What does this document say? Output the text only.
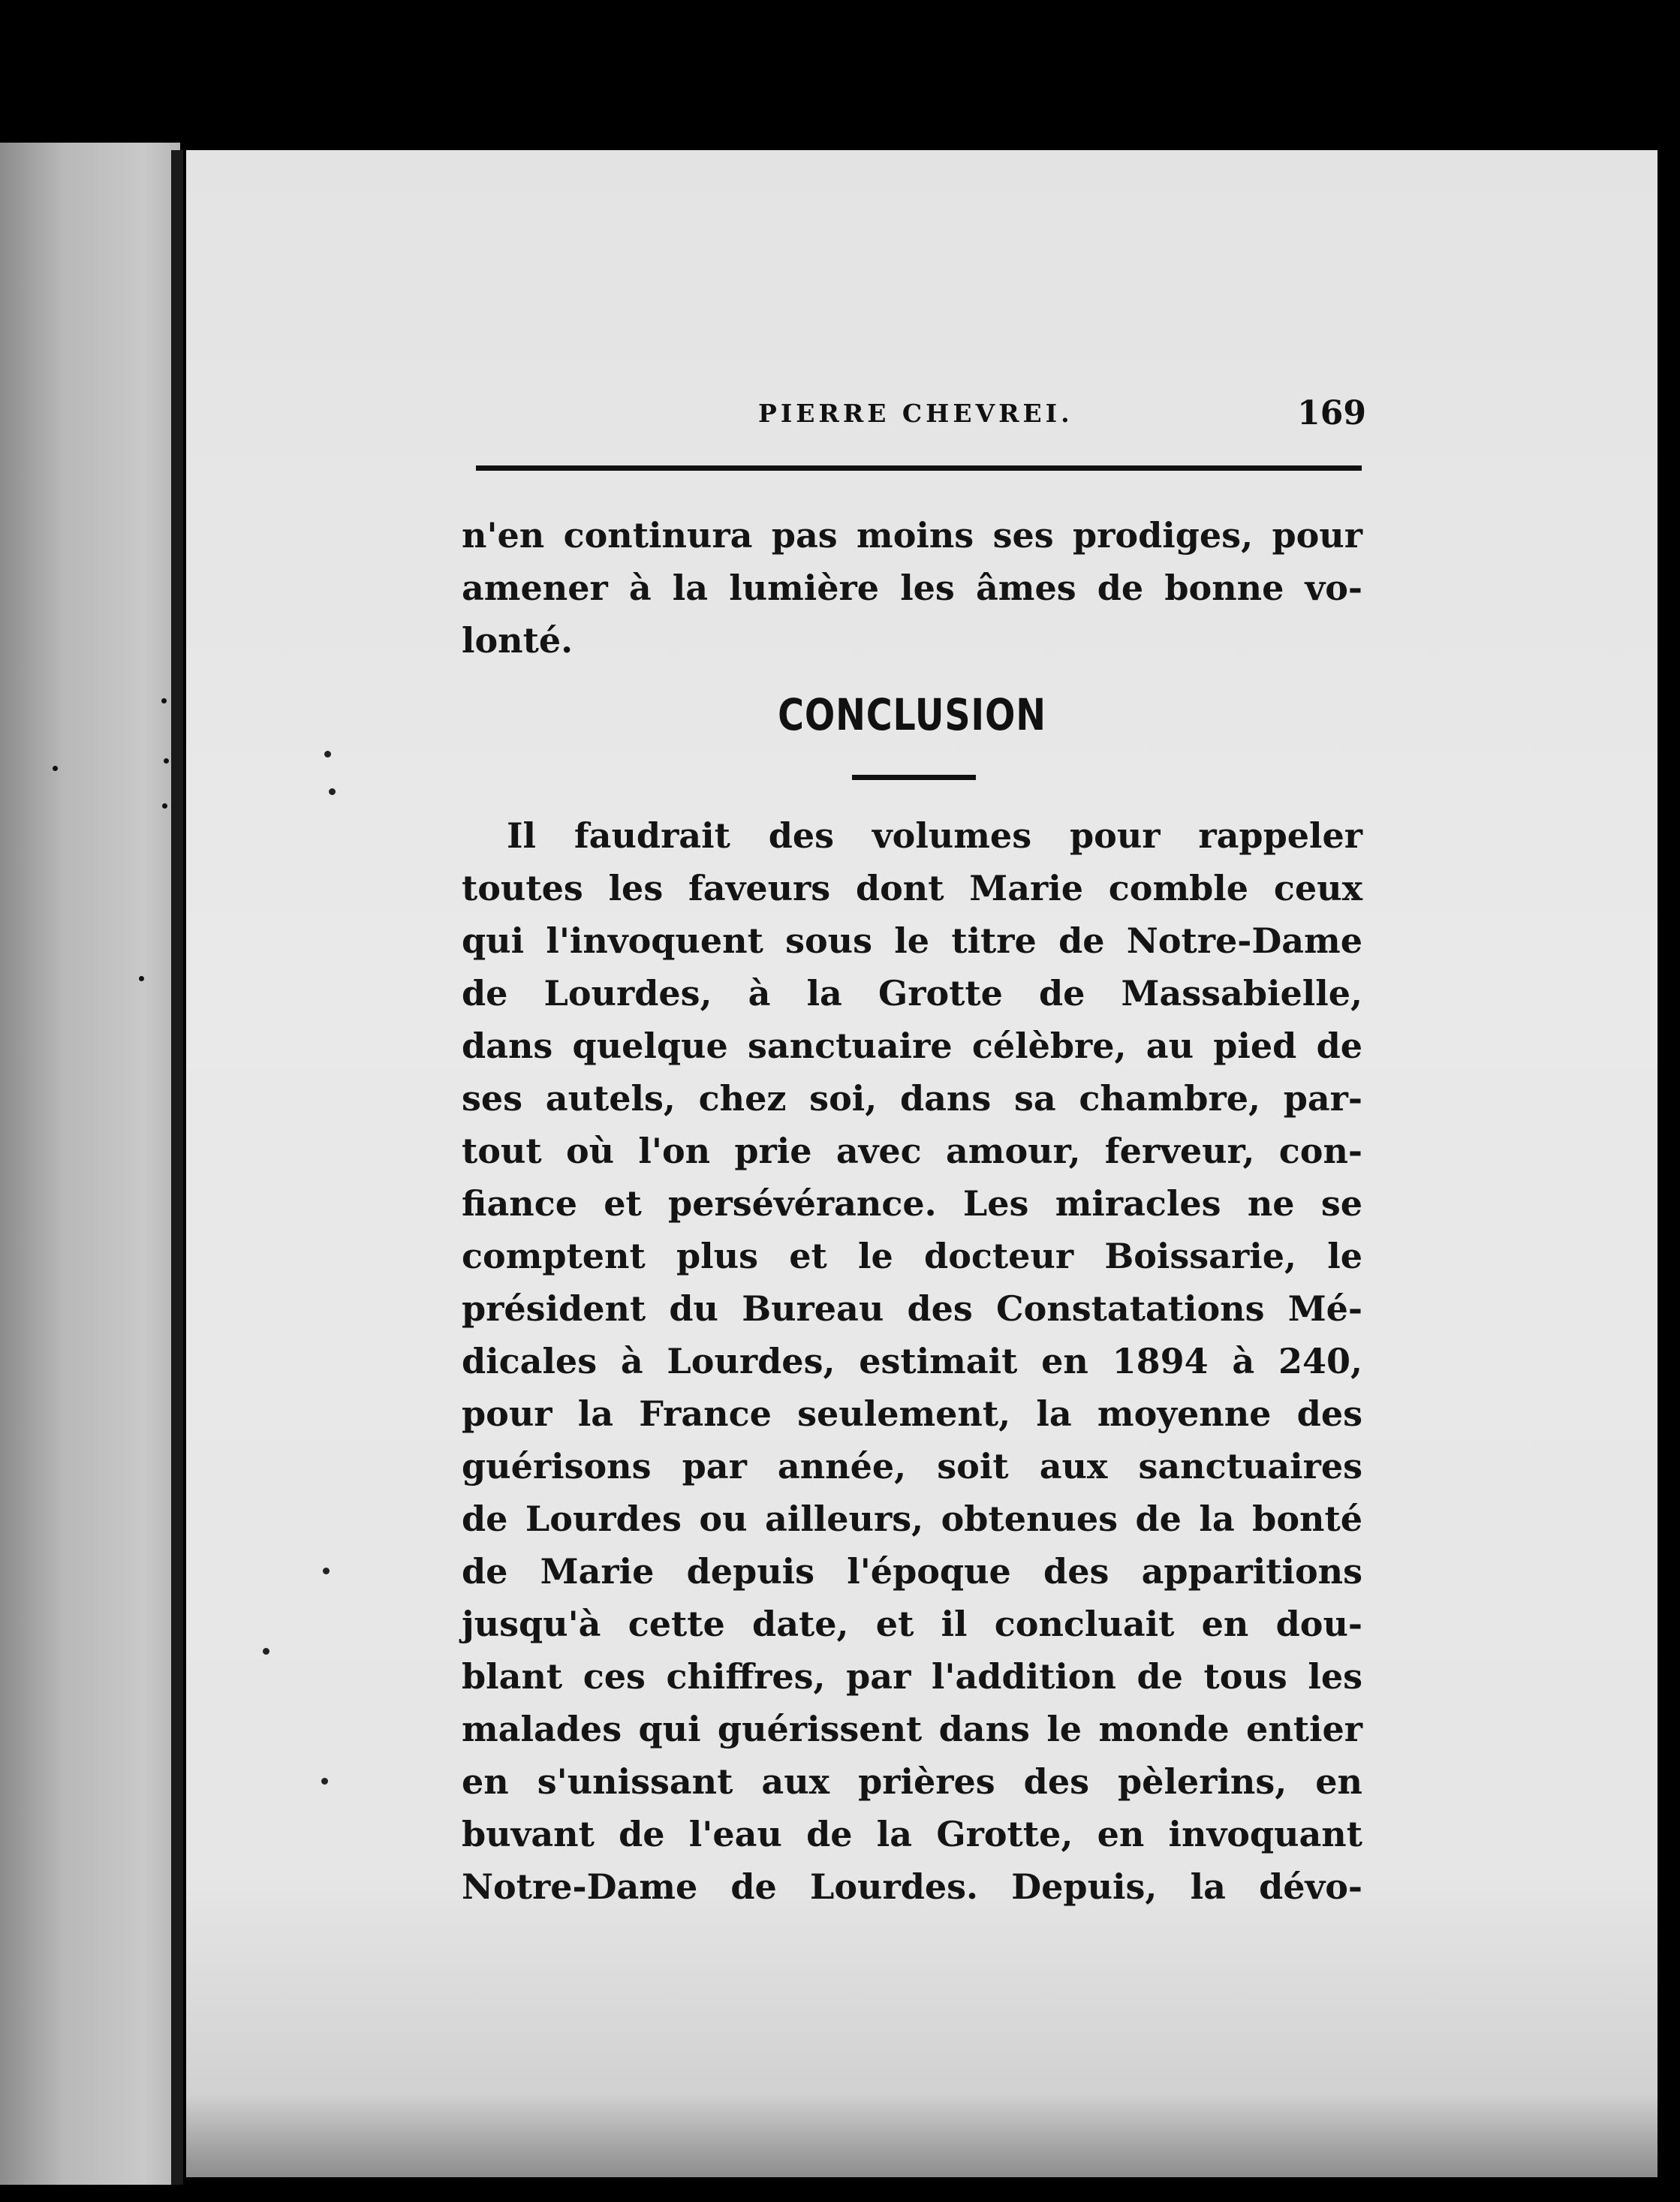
PIERRE CHEVREI.	169
n'en continura pas moins ses prodiges, pour
amener à la lumière les âmes de bonne vo-
lonté.
CONCLUSION
Il faudrait des volumes pour rappeler
toutes les faveurs dont Marie comble ceux
qui l'invoquent sous le titre de Notre-Dame
de Lourdes, à la Grotte de Massabielle,
dans quelque sanctuaire célèbre, au pied de
ses autels, chez soi, dans sa chambre, par-
tout où l'on prie avec amour, ferveur, con-
fiance et persévérance. Les miracles ne se
comptent plus et le docteur Boissarie, le
président du Bureau des Constatations Mé-
dicales à Lourdes, estimait en 1894 à 240,
pour la France seulement, la moyenne des
guérisons par année, soit aux sanctuaires
de Lourdes ou ailleurs, obtenues de la bonté
de Marie depuis l'époque des apparitions
jusqu'à cette date, et il concluait en dou-
blant ces chiffres, par l'addition de tous les
malades qui guérissent dans le monde entier
en s'unissant aux prières des pèlerins, en
buvant de l'eau de la Grotte, en invoquant
Notre-Dame de Lourdes. Depuis, la dévo-
